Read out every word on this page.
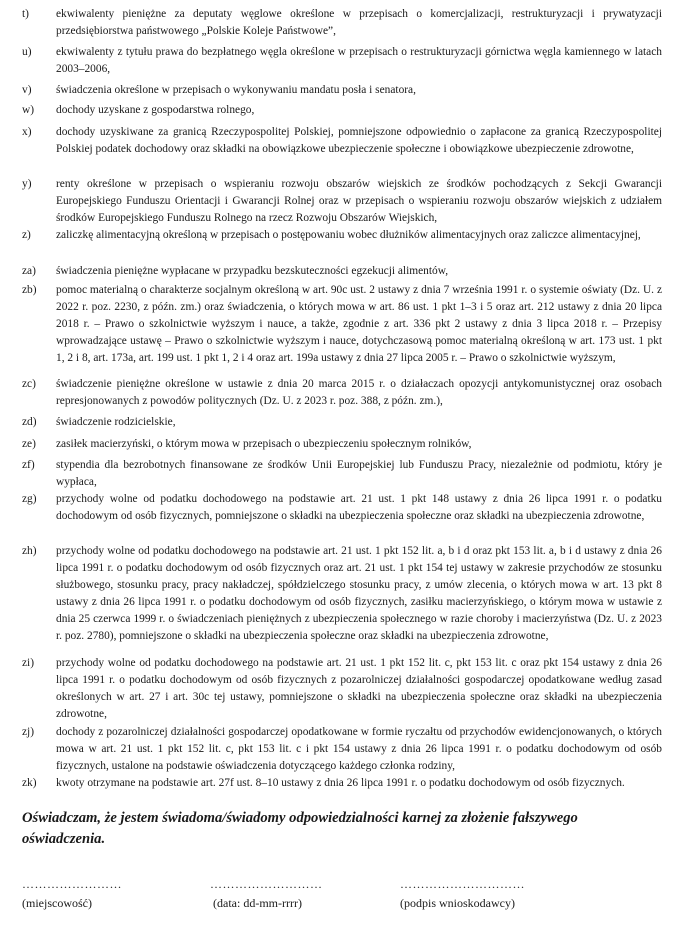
t)	ekwiwalenty pieniężne za deputaty węglowe określone w przepisach o komercjalizacji, restrukturyzacji i prywatyzacji przedsiębiorstwa państwowego „Polskie Koleje Państwowe”,
u)	ekwiwalenty z tytułu prawa do bezpłatnego węgla określone w przepisach o restrukturyzacji górnictwa węgla kamiennego w latach 2003–2006,
v)	świadczenia określone w przepisach o wykonywaniu mandatu posła i senatora,
w)	dochody uzyskane z gospodarstwa rolnego,
x)	dochody uzyskiwane za granicą Rzeczypospolitej Polskiej, pomniejszone odpowiednio o zapłacone za granicą Rzeczypospolitej Polskiej podatek dochodowy oraz składki na obowiązkowe ubezpieczenie społeczne i obowiązkowe ubezpieczenie zdrowotne,
y)	renty określone w przepisach o wspieraniu rozwoju obszarów wiejskich ze środków pochodzących z Sekcji Gwarancji Europejskiego Funduszu Orientacji i Gwarancji Rolnej oraz w przepisach o wspieraniu rozwoju obszarów wiejskich z udziałem środków Europejskiego Funduszu Rolnego na rzecz Rozwoju Obszarów Wiejskich,
z)	zaliczkę alimentacyjną określoną w przepisach o postępowaniu wobec dłużników alimentacyjnych oraz zaliczce alimentacyjnej,
za)	świadczenia pieniężne wypłacane w przypadku bezskuteczności egzekucji alimentów,
zb)	pomoc materialną o charakterze socjalnym określoną w art. 90c ust. 2 ustawy z dnia 7 września 1991 r. o systemie oświaty (Dz. U. z 2022 r. poz. 2230, z późn. zm.) oraz świadczenia, o których mowa w art. 86 ust. 1 pkt 1–3 i 5 oraz art. 212 ustawy z dnia 20 lipca 2018 r. – Prawo o szkolnictwie wyższym i nauce, a także, zgodnie z art. 336 pkt 2 ustawy z dnia 3 lipca 2018 r. – Przepisy wprowadzające ustawę – Prawo o szkolnictwie wyższym i nauce, dotychczasową pomoc materialną określoną w art. 173 ust. 1 pkt 1, 2 i 8, art. 173a, art. 199 ust. 1 pkt 1, 2 i 4 oraz art. 199a ustawy z dnia 27 lipca 2005 r. – Prawo o szkolnictwie wyższym,
zc)	świadczenie pieniężne określone w ustawie z dnia 20 marca 2015 r. o działaczach opozycji antykomunistycznej oraz osobach represjonowanych z powodów politycznych (Dz. U. z 2023 r. poz. 388, z późn. zm.),
zd)	świadczenie rodzicielskie,
ze)	zasiłek macierzyński, o którym mowa w przepisach o ubezpieczeniu społecznym rolników,
zf)	stypendia dla bezrobotnych finansowane ze środków Unii Europejskiej lub Funduszu Pracy, niezależnie od podmiotu, który je wypłaca,
zg)	przychody wolne od podatku dochodowego na podstawie art. 21 ust. 1 pkt 148 ustawy z dnia 26 lipca 1991 r. o podatku dochodowym od osób fizycznych, pomniejszone o składki na ubezpieczenia społeczne oraz składki na ubezpieczenia zdrowotne,
zh)	przychody wolne od podatku dochodowego na podstawie art. 21 ust. 1 pkt 152 lit. a, b i d oraz pkt 153 lit. a, b i d ustawy z dnia 26 lipca 1991 r. o podatku dochodowym od osób fizycznych oraz art. 21 ust. 1 pkt 154 tej ustawy w zakresie przychodów ze stosunku służbowego, stosunku pracy, pracy nakładczej, spółdzielczego stosunku pracy, z umów zlecenia, o których mowa w art. 13 pkt 8 ustawy z dnia 26 lipca 1991 r. o podatku dochodowym od osób fizycznych, zasiłku macierzyńskiego, o którym mowa w ustawie z dnia 25 czerwca 1999 r. o świadczeniach pieniężnych z ubezpieczenia społecznego w razie choroby i macierzyństwa (Dz. U. z 2023 r. poz. 2780), pomniejszone o składki na ubezpieczenia społeczne oraz składki na ubezpieczenia zdrowotne,
zi)	przychody wolne od podatku dochodowego na podstawie art. 21 ust. 1 pkt 152 lit. c, pkt 153 lit. c oraz pkt 154 ustawy z dnia 26 lipca 1991 r. o podatku dochodowym od osób fizycznych z pozarolniczej działalności gospodarczej opodatkowane według zasad określonych w art. 27 i art. 30c tej ustawy, pomniejszone o składki na ubezpieczenia społeczne oraz składki na ubezpieczenia zdrowotne,
zj)	dochody z pozarolniczej działalności gospodarczej opodatkowane w formie ryczałtu od przychodów ewidencjonowanych, o których mowa w art. 21 ust. 1 pkt 152 lit. c, pkt 153 lit. c i pkt 154 ustawy z dnia 26 lipca 1991 r. o podatku dochodowym od osób fizycznych, ustalone na podstawie oświadczenia dotyczącego każdego członka rodziny,
zk)	kwoty otrzymane na podstawie art. 27f ust. 8–10 ustawy z dnia 26 lipca 1991 r. o podatku dochodowym od osób fizycznych.
Oświadczam, że jestem świadoma/świadomy odpowiedzialności karnej za złożenie fałszywego oświadczenia.
……………………	………………………	…………………………
(miejscowość)	(data: dd-mm-rrrr)	(podpis wnioskodawcy)
